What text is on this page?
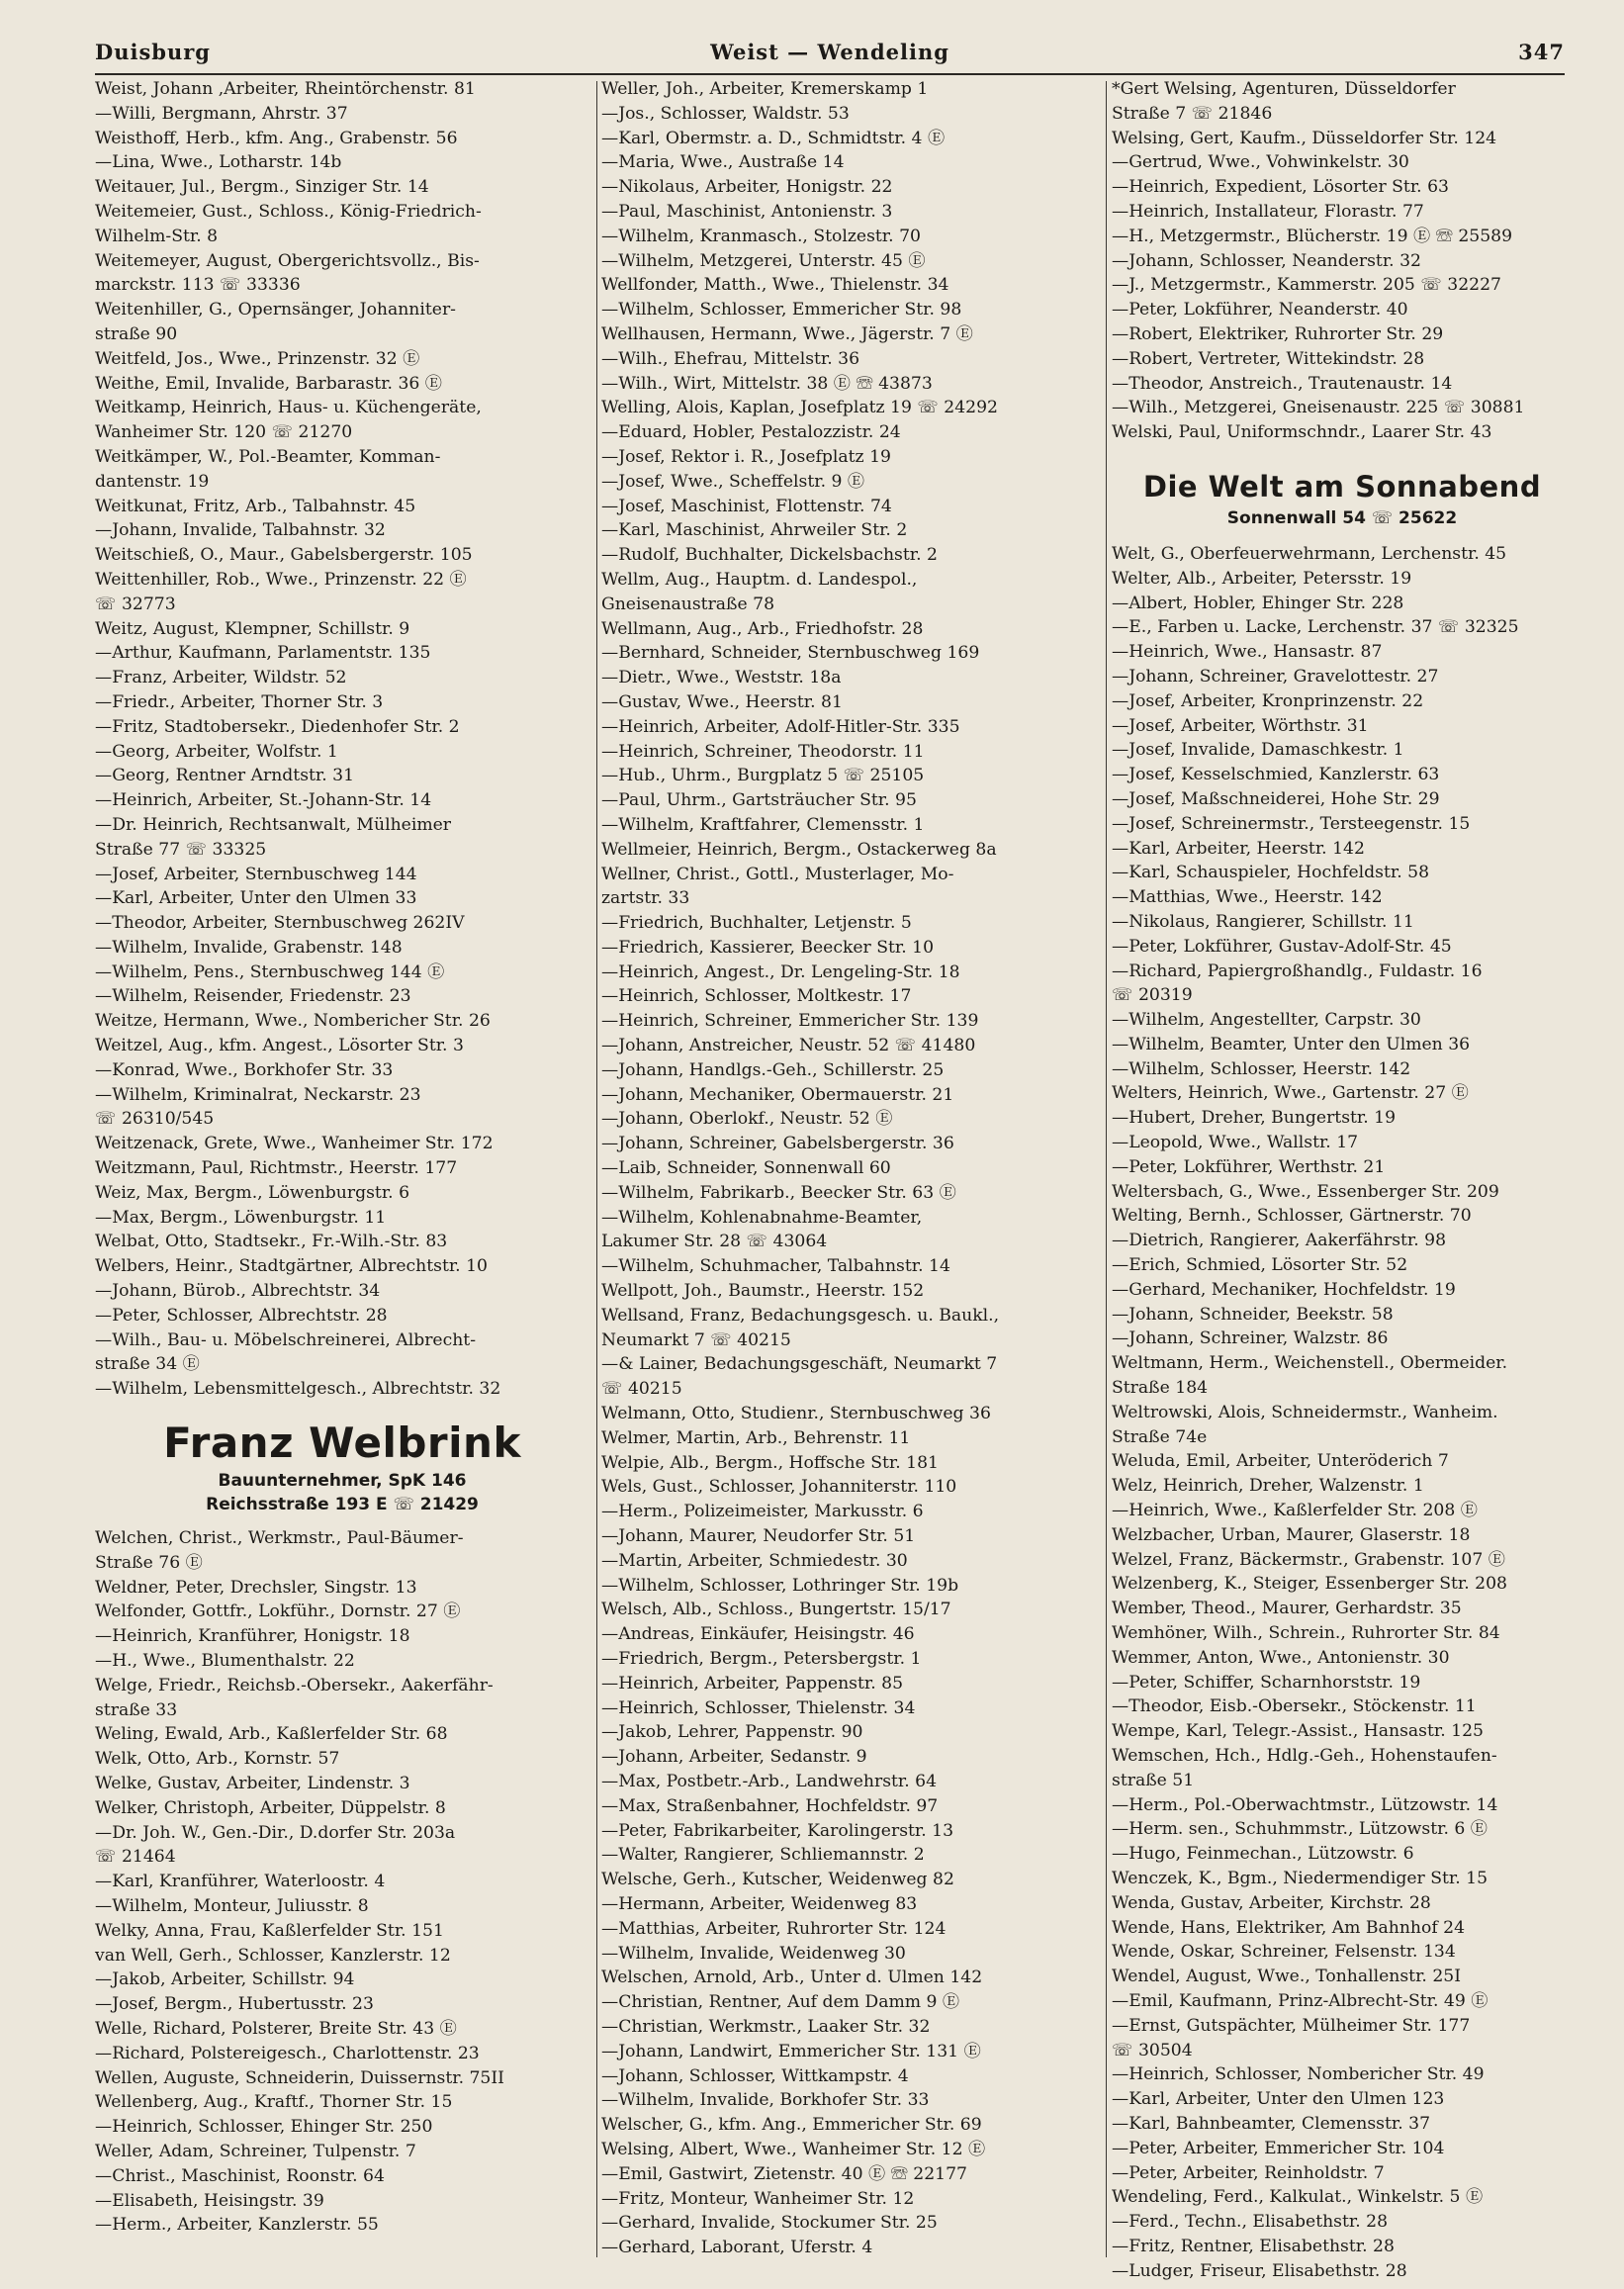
Duisburg	Weist — Wendeling	347
Weist, Johann ,Arbeiter, Rheintörchenstr. 81
—Willi, Bergmann, Ahrstr. 37
Weisthoff, Herb., kfm. Ang., Grabenstr. 56
—Lina, Wwe., Lotharstr. 14b
Weitauer, Jul., Bergm., Sinziger Str. 14
Weitemeier, Gust., Schloss., König-Friedrich-
Wilhelm-Str. 8
Weitemeyer, August, Obergerichtsvollz., Bis-
marckstr. 113 ☏ 33336
Weitenhiller, G., Opernsänger, Johanniter-
straße 90
Weitfeld, Jos., Wwe., Prinzenstr. 32 Ⓔ
Weithe, Emil, Invalide, Barbarastr. 36 Ⓔ
Weitkamp, Heinrich, Haus- u. Küchengeräte,
Wanheimer Str. 120 ☏ 21270
Weitkämper, W., Pol.-Beamter, Komman-
dantenstr. 19
Weitkunat, Fritz, Arb., Talbahnstr. 45
—Johann, Invalide, Talbahnstr. 32
Weitschieß, O., Maur., Gabelsbergerstr. 105
Weittenhiller, Rob., Wwe., Prinzenstr. 22 Ⓔ
☏ 32773
Weitz, August, Klempner, Schillstr. 9
—Arthur, Kaufmann, Parlamentstr. 135
—Franz, Arbeiter, Wildstr. 52
—Friedr., Arbeiter, Thorner Str. 3
—Fritz, Stadtobersekr., Diedenhofer Str. 2
—Georg, Arbeiter, Wolfstr. 1
—Georg, Rentner Arndtstr. 31
—Heinrich, Arbeiter, St.-Johann-Str. 14
—Dr. Heinrich, Rechtsanwalt, Mülheimer
Straße 77 ☏ 33325
—Josef, Arbeiter, Sternbuschweg 144
—Karl, Arbeiter, Unter den Ulmen 33
—Theodor, Arbeiter, Sternbuschweg 262IV
—Wilhelm, Invalide, Grabenstr. 148
—Wilhelm, Pens., Sternbuschweg 144 Ⓔ
—Wilhelm, Reisender, Friedenstr. 23
Weitze, Hermann, Wwe., Nombericher Str. 26
Weitzel, Aug., kfm. Angest., Lösorter Str. 3
—Konrad, Wwe., Borkhofer Str. 33
—Wilhelm, Kriminalrat, Neckarstr. 23
☏ 26310/545
Weitzenack, Grete, Wwe., Wanheimer Str. 172
Weitzmann, Paul, Richtmstr., Heerstr. 177
Weiz, Max, Bergm., Löwenburgstr. 6
—Max, Bergm., Löwenburgstr. 11
Welbat, Otto, Stadtsekr., Fr.-Wilh.-Str. 83
Welbers, Heinr., Stadtgärtner, Albrechtstr. 10
—Johann, Bürob., Albrechtstr. 34
—Peter, Schlosser, Albrechtstr. 28
—Wilh., Bau- u. Möbelschreinerei, Albrecht-
straße 34 Ⓔ
—Wilhelm, Lebensmittelgesch., Albrechtstr. 32
Franz Welbrink
Bauunternehmer, SpK 146
Reichsstraße 193 E ☏ 21429
Welchen, Christ., Werkmstr., Paul-Bäumer-
Straße 76 Ⓔ
Weldner, Peter, Drechsler, Singstr. 13
Welfonder, Gottfr., Lokführ., Dornstr. 27 Ⓔ
—Heinrich, Kranführer, Honigstr. 18
—H., Wwe., Blumenthalstr. 22
Welge, Friedr., Reichsb.-Obersekr., Aakerfähr-
straße 33
Weling, Ewald, Arb., Kaßlerfelder Str. 68
Welk, Otto, Arb., Kornstr. 57
Welke, Gustav, Arbeiter, Lindenstr. 3
Welker, Christoph, Arbeiter, Düppelstr. 8
—Dr. Joh. W., Gen.-Dir., D.dorfer Str. 203a
☏ 21464
—Karl, Kranführer, Waterloostr. 4
—Wilhelm, Monteur, Juliusstr. 8
Welky, Anna, Frau, Kaßlerfelder Str. 151
van Well, Gerh., Schlosser, Kanzlerstr. 12
—Jakob, Arbeiter, Schillstr. 94
—Josef, Bergm., Hubertusstr. 23
Welle, Richard, Polsterer, Breite Str. 43 Ⓔ
—Richard, Polstereigesch., Charlottenstr. 23
Wellen, Auguste, Schneiderin, Duissernstr. 75II
Wellenberg, Aug., Kraftf., Thorner Str. 15
—Heinrich, Schlosser, Ehinger Str. 250
Weller, Adam, Schreiner, Tulpenstr. 7
—Christ., Maschinist, Roonstr. 64
—Elisabeth, Heisingstr. 39
—Herm., Arbeiter, Kanzlerstr. 55
Weller, Joh., Arbeiter, Kremerskamp 1
—Jos., Schlosser, Waldstr. 53
—Karl, Obermstr. a. D., Schmidtstr. 4 Ⓔ
—Maria, Wwe., Austraße 14
—Nikolaus, Arbeiter, Honigstr. 22
—Paul, Maschinist, Antonienstr. 3
—Wilhelm, Kranmasch., Stolzestr. 70
—Wilhelm, Metzgerei, Unterstr. 45 Ⓔ
Wellfonder, Matth., Wwe., Thielenstr. 34
—Wilhelm, Schlosser, Emmericher Str. 98
Wellhausen, Hermann, Wwe., Jägerstr. 7 Ⓔ
—Wilh., Ehefrau, Mittelstr. 36
—Wilh., Wirt, Mittelstr. 38 Ⓔ ☏ 43873
Welling, Alois, Kaplan, Josefplatz 19 ☏ 24292
—Eduard, Hobler, Pestalozzistr. 24
—Josef, Rektor i. R., Josefplatz 19
—Josef, Wwe., Scheffelstr. 9 Ⓔ
—Josef, Maschinist, Flottenstr. 74
—Karl, Maschinist, Ahrweiler Str. 2
—Rudolf, Buchhalter, Dickelsbachstr. 2
Wellm, Aug., Hauptm. d. Landespol.,
Gneisenaustraße 78
Wellmann, Aug., Arb., Friedhofstr. 28
—Bernhard, Schneider, Sternbuschweg 169
—Dietr., Wwe., Weststr. 18a
—Gustav, Wwe., Heerstr. 81
—Heinrich, Arbeiter, Adolf-Hitler-Str. 335
—Heinrich, Schreiner, Theodorstr. 11
—Hub., Uhrm., Burgplatz 5 ☏ 25105
—Paul, Uhrm., Gartsträucher Str. 95
—Wilhelm, Kraftfahrer, Clemensstr. 1
Wellmeier, Heinrich, Bergm., Ostackerweg 8a
Wellner, Christ., Gottl., Musterlager, Mo-
zartstr. 33
—Friedrich, Buchhalter, Letjenstr. 5
—Friedrich, Kassierer, Beecker Str. 10
—Heinrich, Angest., Dr. Lengeling-Str. 18
—Heinrich, Schlosser, Moltkestr. 17
—Heinrich, Schreiner, Emmericher Str. 139
—Johann, Anstreicher, Neustr. 52 ☏ 41480
—Johann, Handlgs.-Geh., Schillerstr. 25
—Johann, Mechaniker, Obermauerstr. 21
—Johann, Oberlokf., Neustr. 52 Ⓔ
—Johann, Schreiner, Gabelsbergerstr. 36
—Laib, Schneider, Sonnenwall 60
—Wilhelm, Fabrikarb., Beecker Str. 63 Ⓔ
—Wilhelm, Kohlenabnahme-Beamter,
Lakumer Str. 28 ☏ 43064
—Wilhelm, Schuhmacher, Talbahnstr. 14
Wellpott, Joh., Baumstr., Heerstr. 152
Wellsand, Franz, Bedachungsgesch. u. Baukl.,
Neumarkt 7 ☏ 40215
—& Lainer, Bedachungsgeschäft, Neumarkt 7
☏ 40215
Welmann, Otto, Studienr., Sternbuschweg 36
Welmer, Martin, Arb., Behrenstr. 11
Welpie, Alb., Bergm., Hoffsche Str. 181
Wels, Gust., Schlosser, Johanniterstr. 110
—Herm., Polizeimeister, Markusstr. 6
—Johann, Maurer, Neudorfer Str. 51
—Martin, Arbeiter, Schmiedestr. 30
—Wilhelm, Schlosser, Lothringer Str. 19b
Welsch, Alb., Schloss., Bungertstr. 15/17
—Andreas, Einkäufer, Heisingstr. 46
—Friedrich, Bergm., Petersbergstr. 1
—Heinrich, Arbeiter, Pappenstr. 85
—Heinrich, Schlosser, Thielenstr. 34
—Jakob, Lehrer, Pappenstr. 90
—Johann, Arbeiter, Sedanstr. 9
—Max, Postbetr.-Arb., Landwehrstr. 64
—Max, Straßenbahner, Hochfeldstr. 97
—Peter, Fabrikarbeiter, Karolingerstr. 13
—Walter, Rangierer, Schliemannstr. 2
Welsche, Gerh., Kutscher, Weidenweg 82
—Hermann, Arbeiter, Weidenweg 83
—Matthias, Arbeiter, Ruhrorter Str. 124
—Wilhelm, Invalide, Weidenweg 30
Welschen, Arnold, Arb., Unter d. Ulmen 142
—Christian, Rentner, Auf dem Damm 9 Ⓔ
—Christian, Werkmstr., Laaker Str. 32
—Johann, Landwirt, Emmericher Str. 131 Ⓔ
—Johann, Schlosser, Wittkampstr. 4
—Wilhelm, Invalide, Borkhofer Str. 33
Welscher, G., kfm. Ang., Emmericher Str. 69
Welsing, Albert, Wwe., Wanheimer Str. 12 Ⓔ
—Emil, Gastwirt, Zietenstr. 40 Ⓔ ☏ 22177
—Fritz, Monteur, Wanheimer Str. 12
—Gerhard, Invalide, Stockumer Str. 25
—Gerhard, Laborant, Uferstr. 4
*Gert Welsing, Agenturen, Düsseldorfer
Straße 7 ☏ 21846
Welsing, Gert, Kaufm., Düsseldorfer Str. 124
—Gertrud, Wwe., Vohwinkelstr. 30
—Heinrich, Expedient, Lösorter Str. 63
—Heinrich, Installateur, Florastr. 77
—H., Metzgermstr., Blücherstr. 19 Ⓔ ☏ 25589
—Johann, Schlosser, Neanderstr. 32
—J., Metzgermstr., Kammerstr. 205 ☏ 32227
—Peter, Lokführer, Neanderstr. 40
—Robert, Elektriker, Ruhrorter Str. 29
—Robert, Vertreter, Wittekindstr. 28
—Theodor, Anstreich., Trautenaustr. 14
—Wilh., Metzgerei, Gneisenaustr. 225 ☏ 30881
Welski, Paul, Uniformschndr., Laarer Str. 43
Die Welt am Sonnabend
Sonnenwall 54 ☏ 25622
Welt, G., Oberfeuerwehrmann, Lerchenstr. 45
Welter, Alb., Arbeiter, Petersstr. 19
—Albert, Hobler, Ehinger Str. 228
—E., Farben u. Lacke, Lerchenstr. 37 ☏ 32325
—Heinrich, Wwe., Hansastr. 87
—Johann, Schreiner, Gravelottestr. 27
—Josef, Arbeiter, Kronprinzenstr. 22
—Josef, Arbeiter, Wörthstr. 31
—Josef, Invalide, Damaschkestr. 1
—Josef, Kesselschmied, Kanzlerstr. 63
—Josef, Maßschneiderei, Hohe Str. 29
—Josef, Schreinermstr., Tersteegenstr. 15
—Karl, Arbeiter, Heerstr. 142
—Karl, Schauspieler, Hochfeldstr. 58
—Matthias, Wwe., Heerstr. 142
—Nikolaus, Rangierer, Schillstr. 11
—Peter, Lokführer, Gustav-Adolf-Str. 45
—Richard, Papiergroßhandlg., Fuldastr. 16
☏ 20319
—Wilhelm, Angestellter, Carpstr. 30
—Wilhelm, Beamter, Unter den Ulmen 36
—Wilhelm, Schlosser, Heerstr. 142
Welters, Heinrich, Wwe., Gartenstr. 27 Ⓔ
—Hubert, Dreher, Bungertstr. 19
—Leopold, Wwe., Wallstr. 17
—Peter, Lokführer, Werthstr. 21
Weltersbach, G., Wwe., Essenberger Str. 209
Welting, Bernh., Schlosser, Gärtnerstr. 70
—Dietrich, Rangierer, Aakerfährstr. 98
—Erich, Schmied, Lösorter Str. 52
—Gerhard, Mechaniker, Hochfeldstr. 19
—Johann, Schneider, Beekstr. 58
—Johann, Schreiner, Walzstr. 86
Weltmann, Herm., Weichenstell., Obermeider.
Straße 184
Weltrowski, Alois, Schneidermstr., Wanheim.
Straße 74e
Weluda, Emil, Arbeiter, Unteröderich 7
Welz, Heinrich, Dreher, Walzenstr. 1
—Heinrich, Wwe., Kaßlerfelder Str. 208 Ⓔ
Welzbacher, Urban, Maurer, Glaserstr. 18
Welzel, Franz, Bäckermstr., Grabenstr. 107 Ⓔ
Welzenberg, K., Steiger, Essenberger Str. 208
Wember, Theod., Maurer, Gerhardstr. 35
Wemhöner, Wilh., Schrein., Ruhrorter Str. 84
Wemmer, Anton, Wwe., Antonienstr. 30
—Peter, Schiffer, Scharnhorststr. 19
—Theodor, Eisb.-Obersekr., Stöckenstr. 11
Wempe, Karl, Telegr.-Assist., Hansastr. 125
Wemschen, Hch., Hdlg.-Geh., Hohenstaufen-
straße 51
—Herm., Pol.-Oberwachtmstr., Lützowstr. 14
—Herm. sen., Schuhmmstr., Lützowstr. 6 Ⓔ
—Hugo, Feinmechan., Lützowstr. 6
Wenczek, K., Bgm., Niedermendiger Str. 15
Wenda, Gustav, Arbeiter, Kirchstr. 28
Wende, Hans, Elektriker, Am Bahnhof 24
Wende, Oskar, Schreiner, Felsenstr. 134
Wendel, August, Wwe., Tonhallenstr. 25I
—Emil, Kaufmann, Prinz-Albrecht-Str. 49 Ⓔ
—Ernst, Gutspächter, Mülheimer Str. 177
☏ 30504
—Heinrich, Schlosser, Nombericher Str. 49
—Karl, Arbeiter, Unter den Ulmen 123
—Karl, Bahnbeamter, Clemensstr. 37
—Peter, Arbeiter, Emmericher Str. 104
—Peter, Arbeiter, Reinholdstr. 7
Wendeling, Ferd., Kalkulat., Winkelstr. 5 Ⓔ
—Ferd., Techn., Elisabethstr. 28
—Fritz, Rentner, Elisabethstr. 28
—Ludger, Friseur, Elisabethstr. 28
